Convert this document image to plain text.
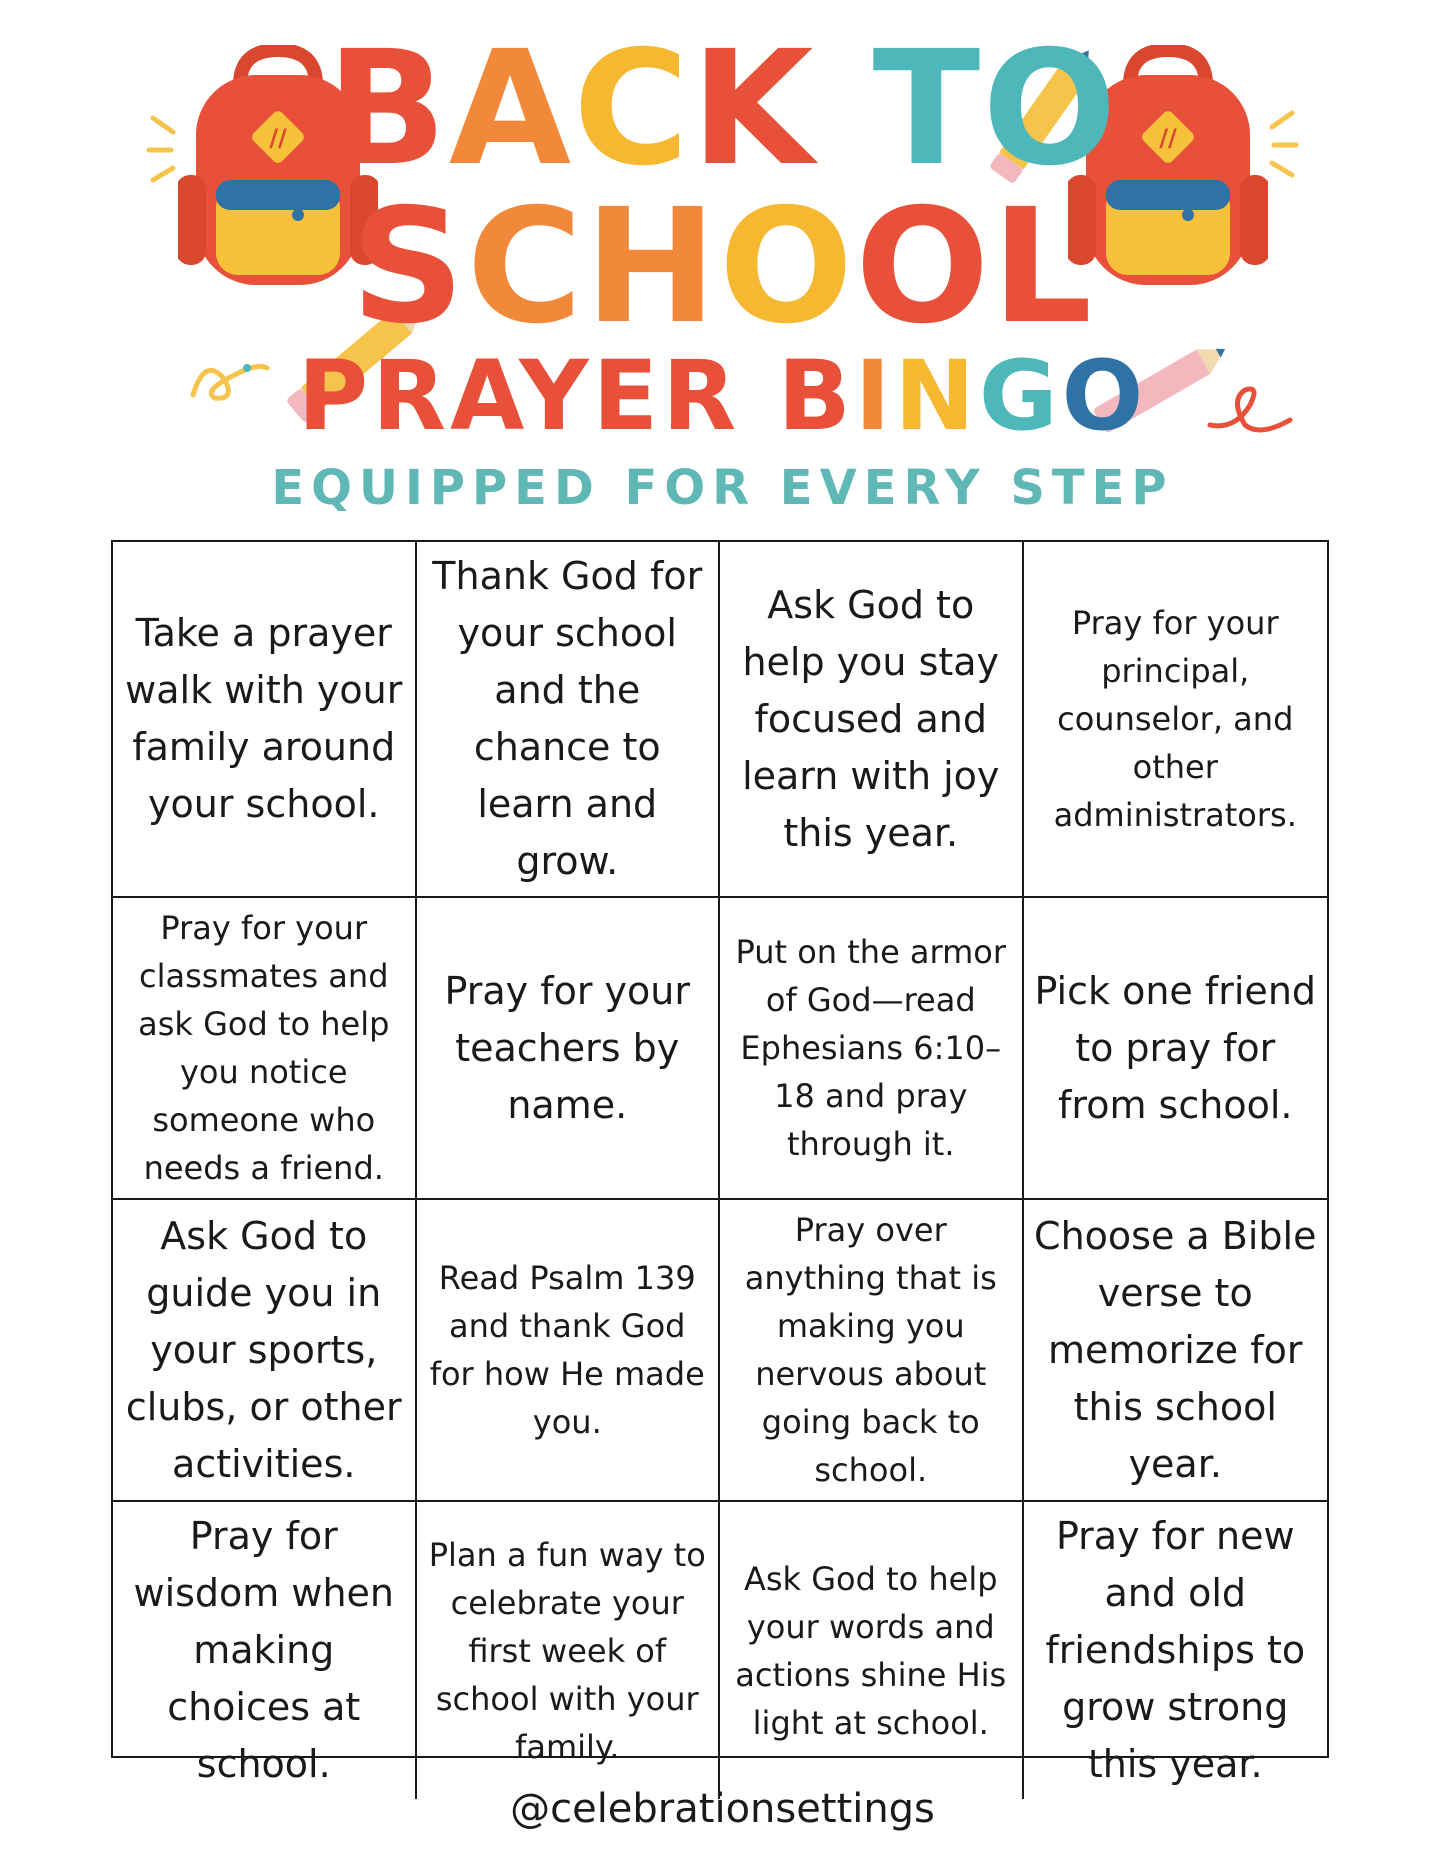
//	//
BACK TO
SCHOOL
PRAYER BINGO
EQUIPPED FOR EVERY STEP
Take a prayer walk with your family around your school.
Thank God for your school and the chance to learn and grow.
Ask God to help you stay focused and learn with joy this year.
Pray for your principal, counselor, and other administrators.
Pray for your classmates and ask God to help you notice someone who needs a friend.
Pray for your teachers by name.
Put on the armor of God—read Ephesians 6:10–18 and pray through it.
Pick one friend to pray for from school.
Ask God to guide you in your sports, clubs, or other activities.
Read Psalm 139 and thank God for how He made you.
Pray over anything that is making you nervous about going back to school.
Choose a Bible verse to memorize for this school year.
Pray for wisdom when making choices at school.
Plan a fun way to celebrate your first week of school with your family.
Ask God to help your words and actions shine His light at school.
Pray for new and old friendships to grow strong this year.
@celebrationsettings
